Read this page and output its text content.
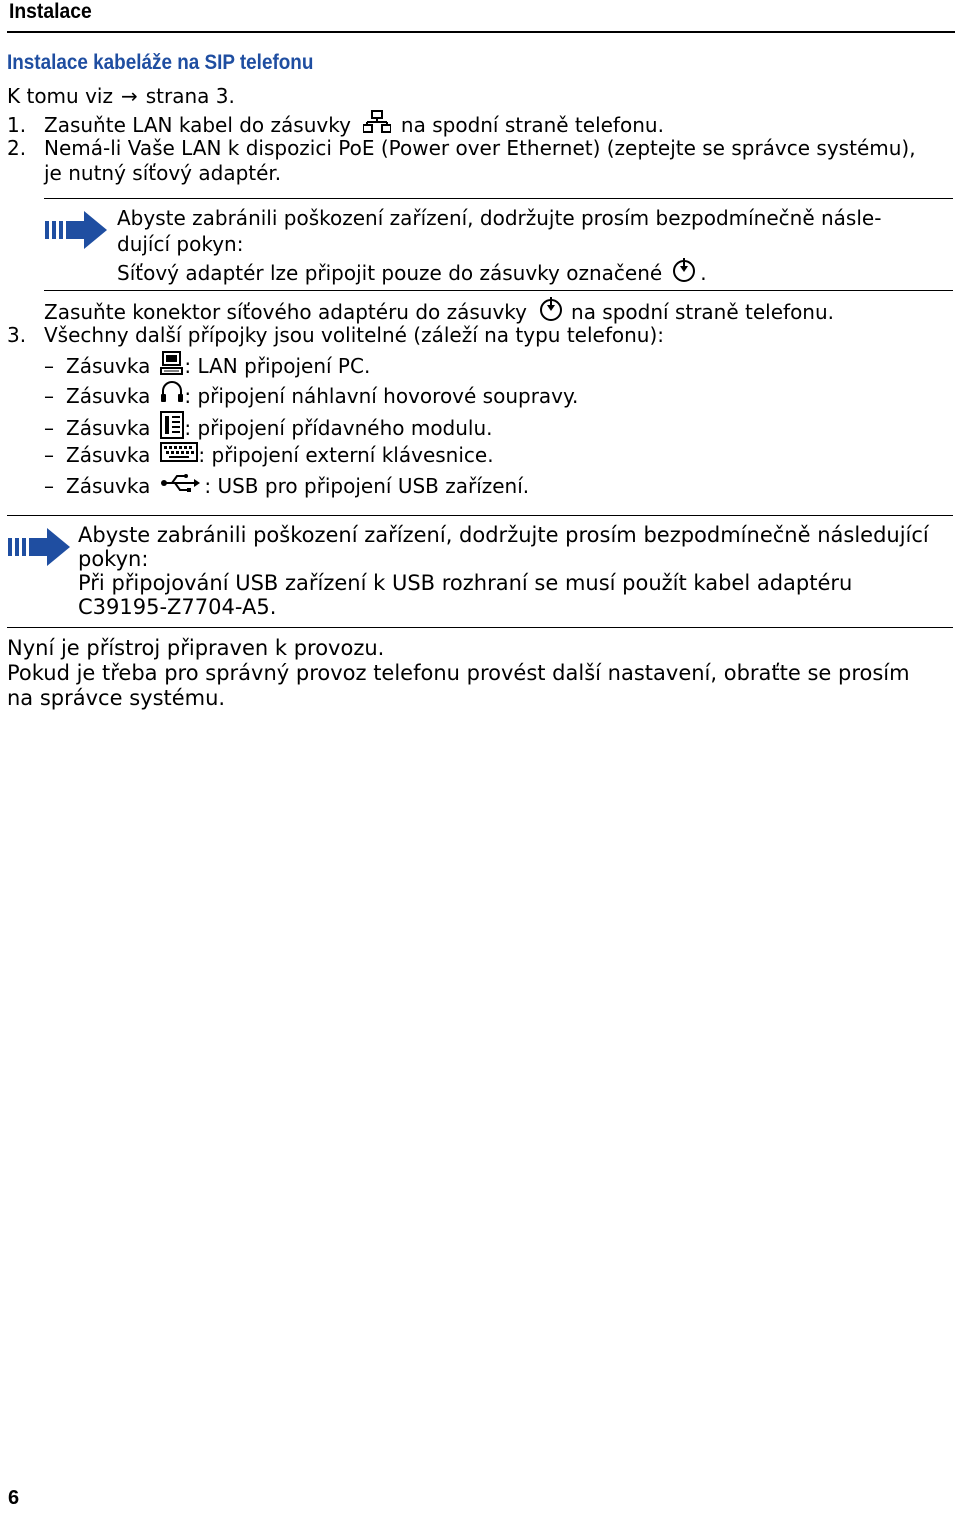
Instalace
Instalace kabeláže na SIP telefonu
K tomu viz → strana 3.
1. Zasuňte LAN kabel do zásuvky	na spodní straně telefonu.
2. Nemá-li Vaše LAN k dispozici PoE (Power over Ethernet) (zeptejte se správce systému),
je nutný síťový adaptér.
Abyste zabránili poškození zařízení, dodržujte prosím bezpodmínečně násle-
dující pokyn:
Síťový adaptér lze připojit pouze do zásuvky označené .
Zasuňte konektor síťového adaptéru do zásuvky na spodní straně telefonu.
3. Všechny další přípojky jsou volitelné (záleží na typu telefonu):
– Zásuvka : LAN připojení PC.
– Zásuvka : připojení náhlavní hovorové soupravy.
– Zásuvka : připojení přídavného modulu.
– Zásuvka : připojení externí klávesnice.
– Zásuvka	: USB pro připojení USB zařízení.
Abyste zabránili poškození zařízení, dodržujte prosím bezpodmínečně následující
pokyn:
Při připojování USB zařízení k USB rozhraní se musí použít kabel adaptéru
C39195-Z7704-A5.
Nyní je přístroj připraven k provozu.
Pokud je třeba pro správný provoz telefonu provést další nastavení, obraťte se prosím
na správce systému.
6
